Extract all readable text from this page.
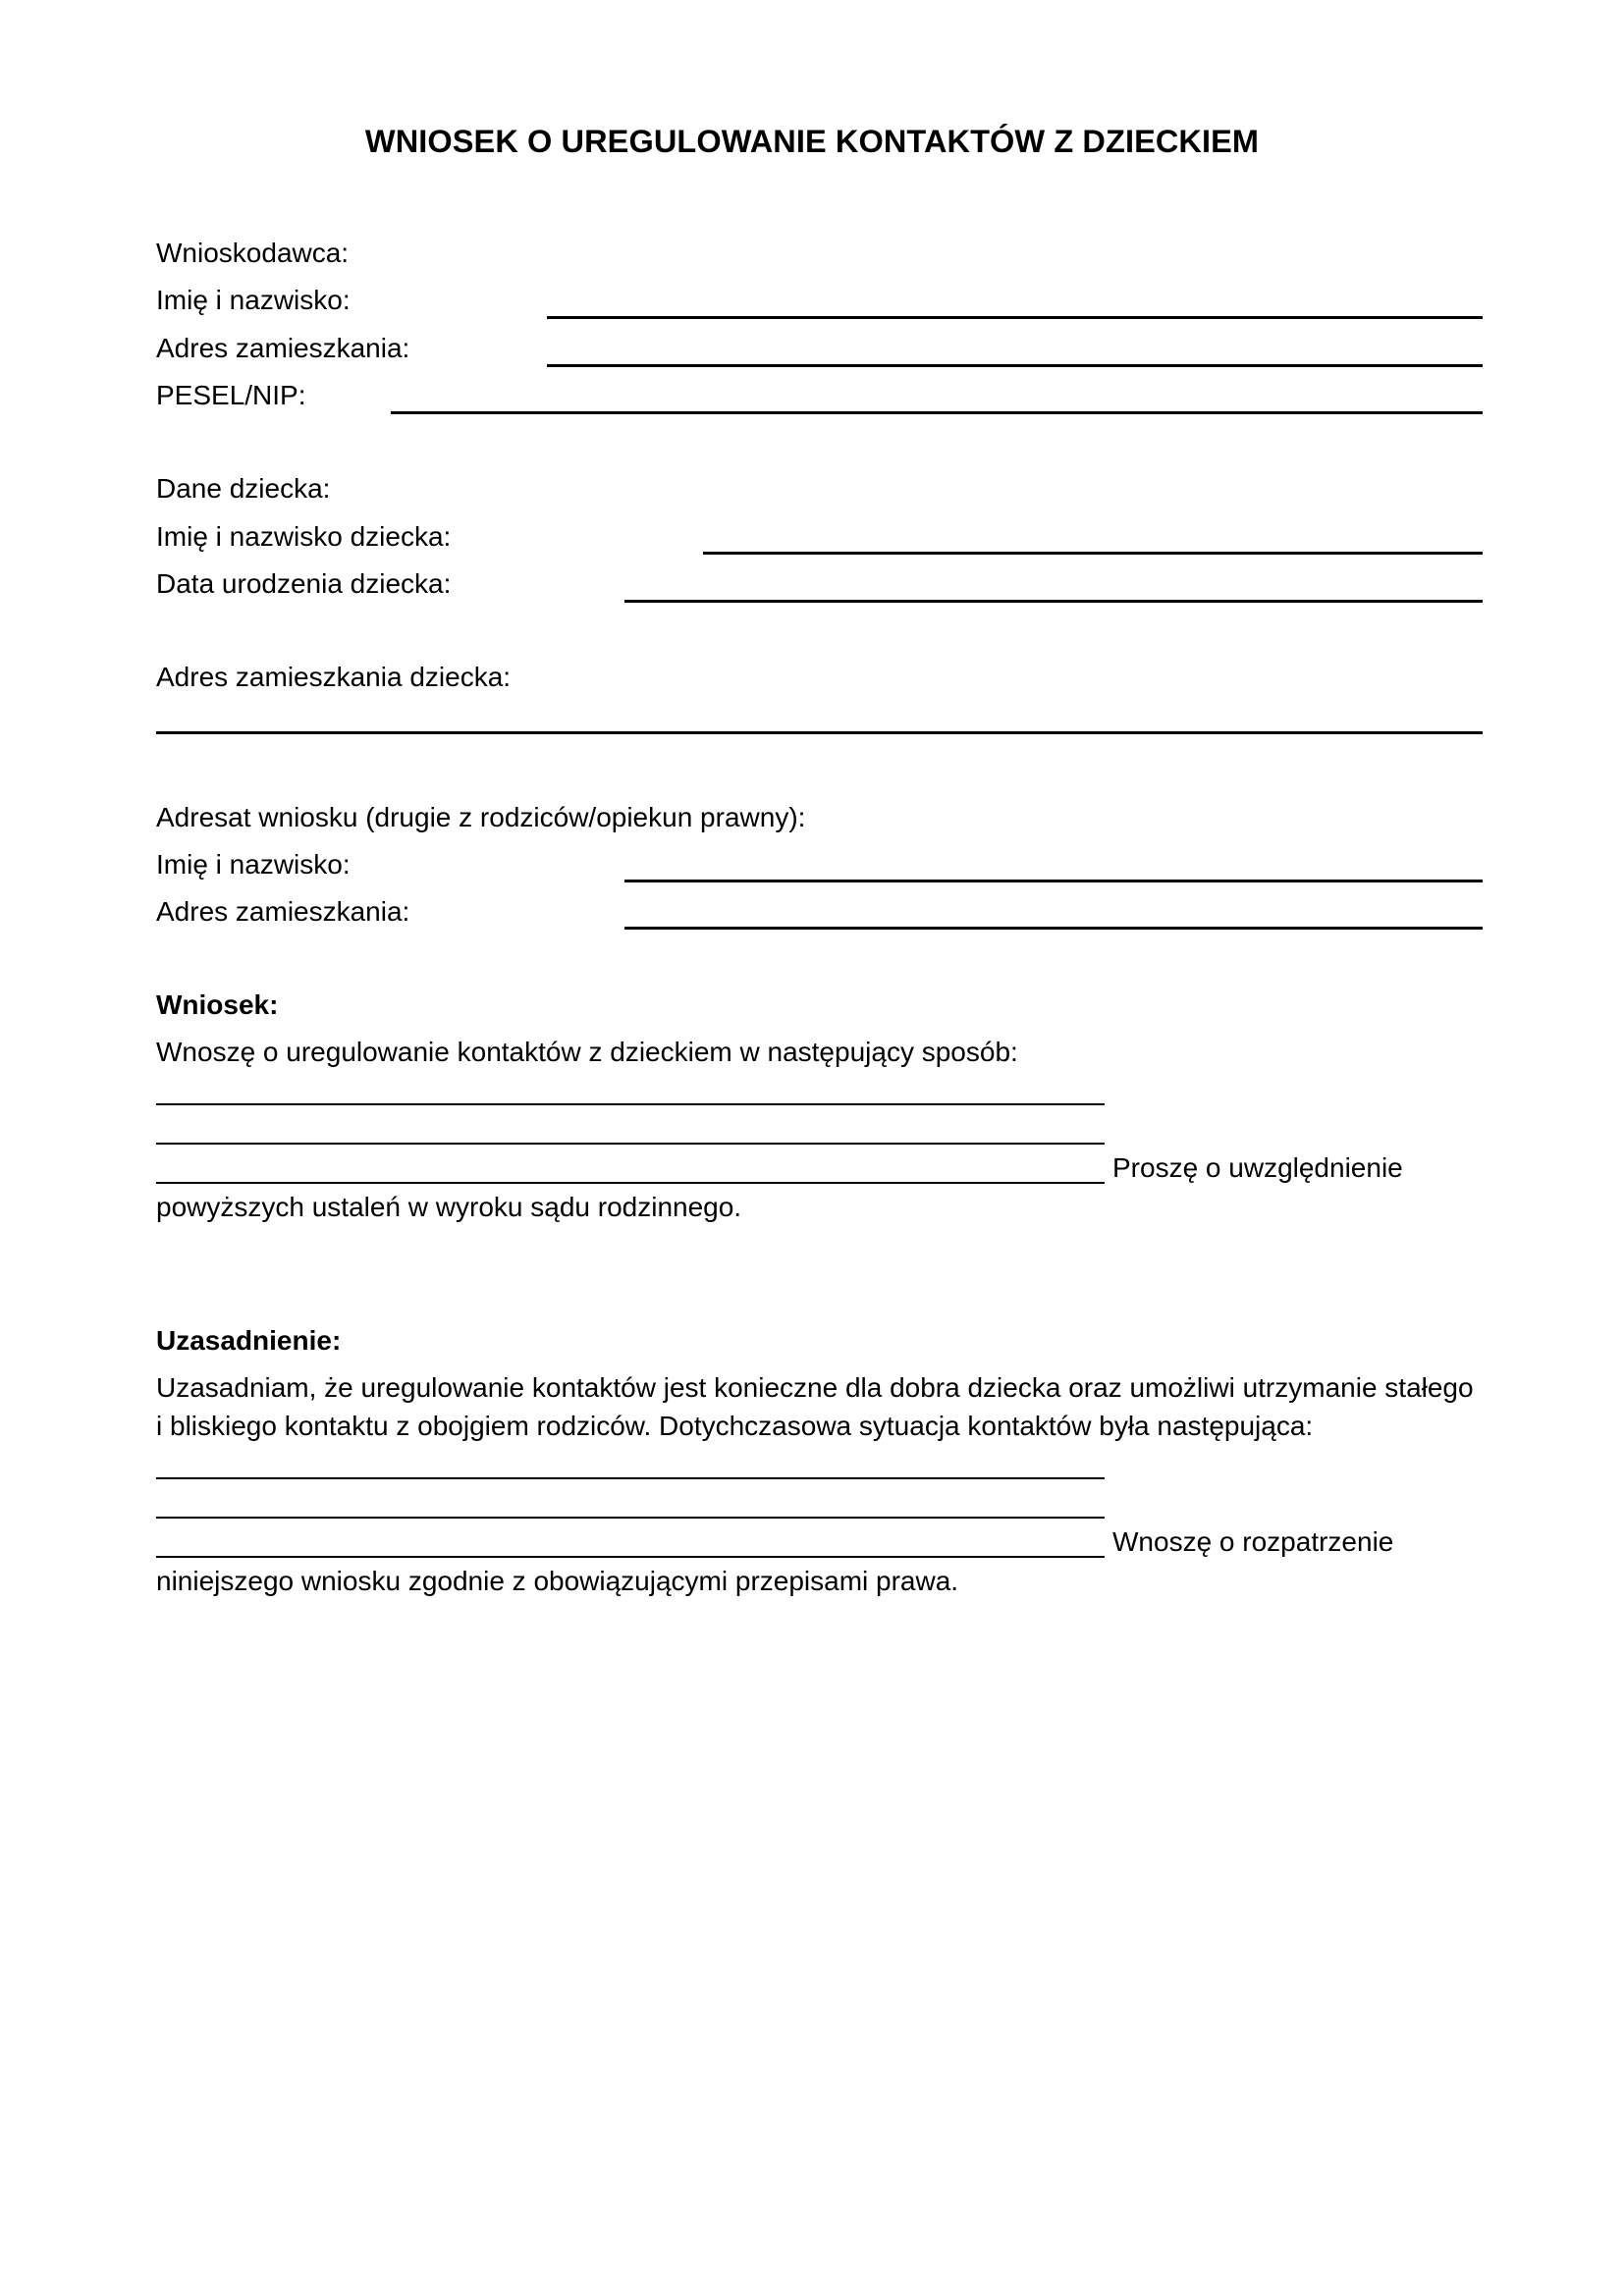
WNIOSEK O UREGULOWANIE KONTAKTÓW Z DZIECKIEM
Wnioskodawca:
Imię i nazwisko:
Adres zamieszkania:
PESEL/NIP:
Dane dziecka:
Imię i nazwisko dziecka:
Data urodzenia dziecka:
Adres zamieszkania dziecka:
Adresat wniosku (drugie z rodziców/opiekun prawny):
Imię i nazwisko:
Adres zamieszkania:
Wniosek:
Wnoszę o uregulowanie kontaktów z dzieckiem w następujący sposób:
Proszę o uwzględnienie
powyższych ustaleń w wyroku sądu rodzinnego.
Uzasadnienie:
Uzasadniam, że uregulowanie kontaktów jest konieczne dla dobra dziecka oraz umożliwi utrzymanie stałego
i bliskiego kontaktu z obojgiem rodziców. Dotychczasowa sytuacja kontaktów była następująca:
Wnoszę o rozpatrzenie
niniejszego wniosku zgodnie z obowiązującymi przepisami prawa.
